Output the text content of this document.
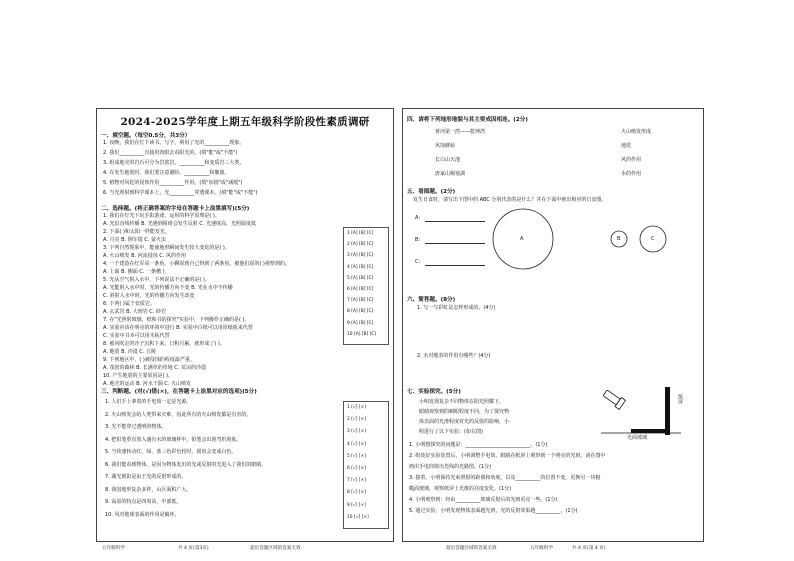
2024-2025学年度上期五年级科学阶段性素质调研
一、填空题。（每空0.5分，共3分）
二、选择题。(将正确答案的字母在答题卡上涂黑填写)(5分)
1 [A] [B] [C]
2 [A] [B] [C]
3 [A] [B] [C]
4 [A] [B] [C]
5 [A] [B] [C]
6 [A] [B] [C]
7 [A] [B] [C]
8 [A] [B] [C]
9 [A] [B] [C]
10 [A] [B] [C]
三、判断题。(对(√)错(×)，在答题卡上涂黑对应的选项)(5分)
1 [√] [×]
2 [√] [×]
3 [√] [×]
4 [√] [×]
5 [√] [×]
6 [√] [×]
7 [√] [×]
8 [√] [×]
9 [√] [×]
10 [√] [×]
1. 夜晚，我们在灯下读书、写字，利用了光的__________现象。
2. 我们__________直接用肉眼去看阳光的。(填"能"或"不能")
3. 组成地壳的岩石可分为岩浆岩、__________和变质岩三大类。
4. 在发生地震时，我们要注意避险、__________和撤离。
5. 植物对风化的侵蚀作用__________作用。(填"加剧"或"减缓")
6. 当光照射到科学课本上，光__________穿透课本。(填"能"或"不能")
1. 我们在灯光下玩手影游戏，运用的科学原理是( )。
A. 光沿直线传播 B. 光遇到阻碍会发生反射 C. 光速度高，光照温度低
2. 下面( )和太阳一样能发光。
A. 月亮 B. 钢车镜 C. 萤火虫
3. 下列自然现象中，能使地形瞬间发生较大变化的是( )。
A. 火山喷发 B. 河流侵蚀 C. 风的作用
4. 一个建造在红军哥一条鱼，小聊说到自己得到了两条鱼，被他们说的( )视察到的。
A. 上面 B. 侧面 C. 一条槽上
5. 光从空气射入水中，下列说法不正确的是( )。
A. 光能射入水中时，光的传播方向不变 B. 光在水中不传播
C. 斜射入水中时，光的传播方向发生改变
6. 下列( )属于变质岩。
A. 玄武岩 B. 大理岩 C. 砂岩
7. 在"光照射玻璃、纸和书的探究"实验中，下列操作正确的是( )。
A. 实验应该在明亮的环境中进行 B. 实验中白纸可以用厚纸板来代替
C. 实验中书本可以用木板代替
8. 被风吹走的沙子沉积下来，日积月累，就形成了( )。
A. 地震 B. 沙漠 C. 丘陵
9. 下列地区中，( )被侵蚀的程度最严重。
A. 茂密的森林 B. 长满草的草地 C. 荒凉的沙漠
10. 产生地震的主要原因是( )。
A. 地壳的运动 B. 河水干涸 C. 火山喷发
1. 人们手上拿着的手电筒一定是光源。
2. 火山喷发会给人类带来灾难，因此所有的火山喷发都是有害的。
3. 光不能穿过透明的物体。
4. 把铅笔垂直放入盛有水的玻璃杯中，铅笔会出现弯折现象。
5. 当快速转动红、绿、蓝三色彩色轮时，圆盘会变成白色。
6. 我们能看到物体，是因为物体发出的光或反射的光进入了我们的眼睛。
7. 湖光倒影是由于光的反射形成的。
8. 我国地形复杂多样，山区面积广大。
9. 高原的特点是四周高，中部低。
10. 风对地球表面的作用是破坏。
五年级科学	共 4 页(第3页)	超出答题区域的答案无效
四、请将下列地形地貌与其主要成因相连。(2分)
五、看图题。(2分)
发生日食时，请写出下图中的 ABC 分别代表的是什么？并在下面中画出相应的日食图。
A	B	C
六、简答题。(8分)
1. 写一写彩虹是怎样形成的。(4分)
2. 水对地表的作用有哪些？(4分)
七、实验探究。(5分)
纸屏
光面玻璃
黄河第一湾——乾坤湾
风蚀蘑菇
长白山天池
唐家山堰塞湖
火山喷发形成
地震
风的作用
水的作用
A:
B:
C:
小明发现复杂不同物体在阳光照耀下，
眼睛观察到的刺眼程度不同，为了探究物
体表面的光滑程度对光的反射的影响，小
明进行了以下实验：(如右图)
1. 小明想探究的问题是：__________________________。(1分)
2. 组装好实验装置后，小明调整手电筒，眼睛在纸屏上观察到一个明亮的光斑，请在图中
画出手电筒射出光线的光路图。(1分)
3. 接着，小明保持光束照射的距离和角度，以及__________的位置不变，更换另一块粗
糙面玻璃，观察纸屏上光斑的亮度变化。(1分)
4. 小明观察到：经由__________玻璃反射后的光斑更亮一些。(1分)
5. 通过实验，小明发现物体表面越光滑，光的反射效果越__________。(1分)
超出答题区域的答案无效	五年级科学	共 4 页(第 4 页)
